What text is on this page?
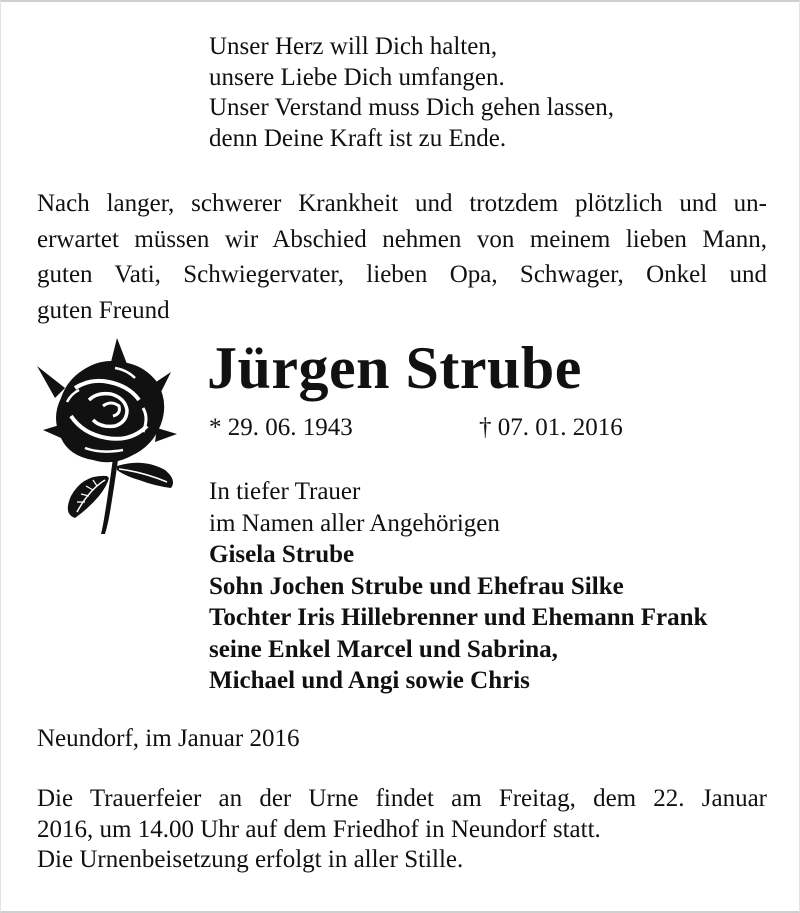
Unser Herz will Dich halten,
unsere Liebe Dich umfangen.
Unser Verstand muss Dich gehen lassen,
denn Deine Kraft ist zu Ende.
Nach langer, schwerer Krankheit und trotzdem plötzlich und un-
erwartet müssen wir Abschied nehmen von meinem lieben Mann,
guten Vati, Schwiegervater, lieben Opa, Schwager, Onkel und
guten Freund
Jürgen Strube
* 29. 06. 1943	† 07. 01. 2016
In tiefer Trauer
im Namen aller Angehörigen
Gisela Strube
Sohn Jochen Strube und Ehefrau Silke
Tochter Iris Hillebrenner und Ehemann Frank
seine Enkel Marcel und Sabrina,
Michael und Angi sowie Chris
Neundorf, im Januar 2016
Die Trauerfeier an der Urne findet am Freitag, dem 22. Januar
2016, um 14.00 Uhr auf dem Friedhof in Neundorf statt.
Die Urnenbeisetzung erfolgt in aller Stille.
